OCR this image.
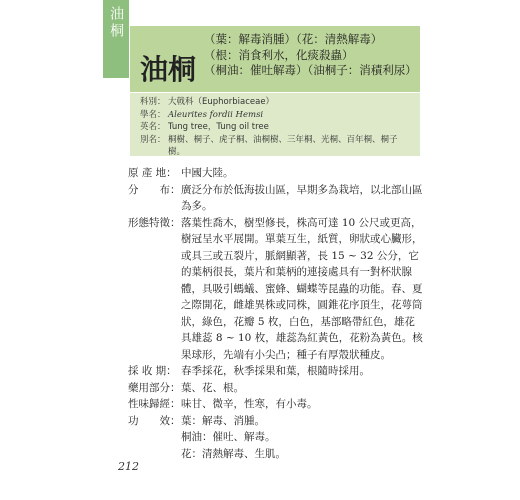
油桐
油桐
（葉：解毒消腫）（花：清熱解毒）
（根：消食利水，化痰殺蟲）
（桐油：催吐解毒）（油桐子：消積利尿）
科別： 大戟科（Euphorbiaceae）
學名： Aleurites fordii Hemsi
英名： Tung tree，Tung oil tree
別名： 桐樹、桐子、虎子桐、油桐樹、三年桐、光桐、百年桐、桐子樹。
原 產 地： 中國大陸。
分　　布： 廣泛分布於低海拔山區，早期多為栽培，以北部山區為多。
形態特徵： 落葉性喬木，樹型修長，株高可達 10 公尺或更高，樹冠呈水平展開。單葉互生，紙質，卵狀或心臟形，或具三或五裂片，脈網顯著，長 15 ~ 32 公分，它的葉柄很長，葉片和葉柄的連接處具有一對杯狀腺體，具吸引螞蟻、蜜蜂、蝴蝶等昆蟲的功能。春、夏之際開花，雌雄異株或同株，圓錐花序頂生，花萼筒狀，綠色，花瓣 5 枚，白色，基部略帶紅色，雄花具雄蕊 8 ~ 10 枚，雄蕊為紅黃色，花粉為黃色。核果球形，先端有小尖凸；種子有厚殼狀種皮。
採 收 期： 春季採花，秋季採果和葉，根隨時採用。
藥用部分： 葉、花、根。
性味歸經： 味甘、微辛，性寒，有小毒。
功　　效： 葉：解毒、消腫。
桐油：催吐、解毒。
花：清熱解毒、生肌。
212
